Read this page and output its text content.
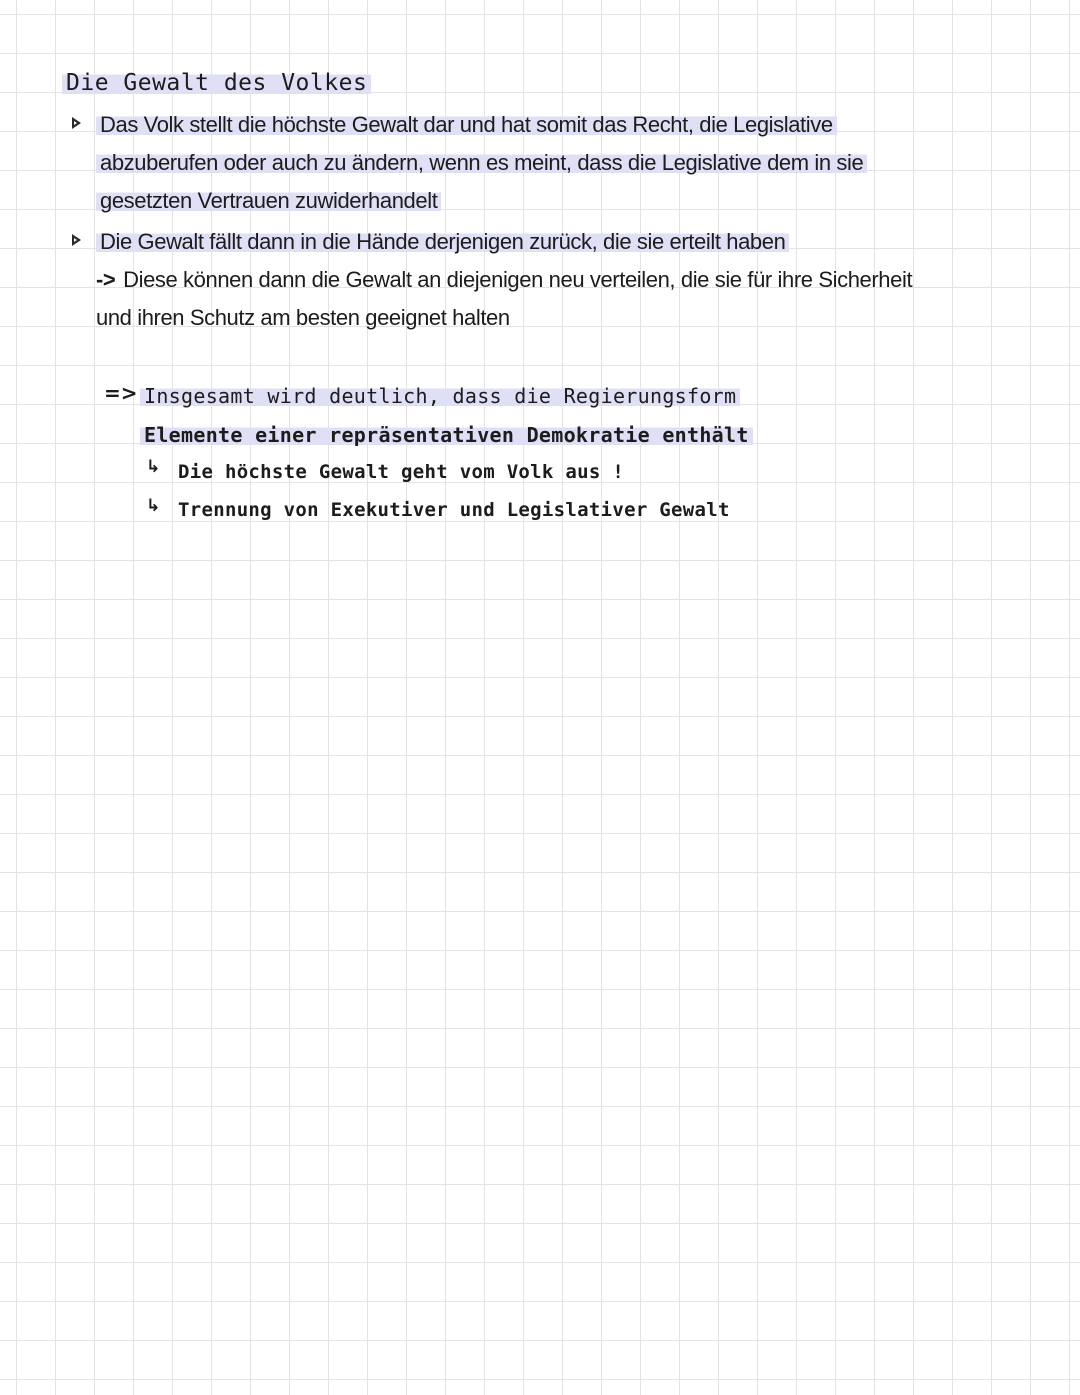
Die Gewalt des Volkes
Das Volk stellt die höchste Gewalt dar und hat somit das Recht, die Legislative
abzuberufen oder auch zu ändern, wenn es meint, dass die Legislative dem in sie
gesetzten Vertrauen zuwiderhandelt
Die Gewalt fällt dann in die Hände derjenigen zurück, die sie erteilt haben
-> Diese können dann die Gewalt an diejenigen neu verteilen, die sie für ihre Sicherheit
und ihren Schutz am besten geeignet halten
=> Insgesamt wird deutlich, dass die Regierungsform
Elemente einer repräsentativen Demokratie enthält
↳ Die höchste Gewalt geht vom Volk aus !
↳ Trennung von Exekutiver und Legislativer Gewalt
